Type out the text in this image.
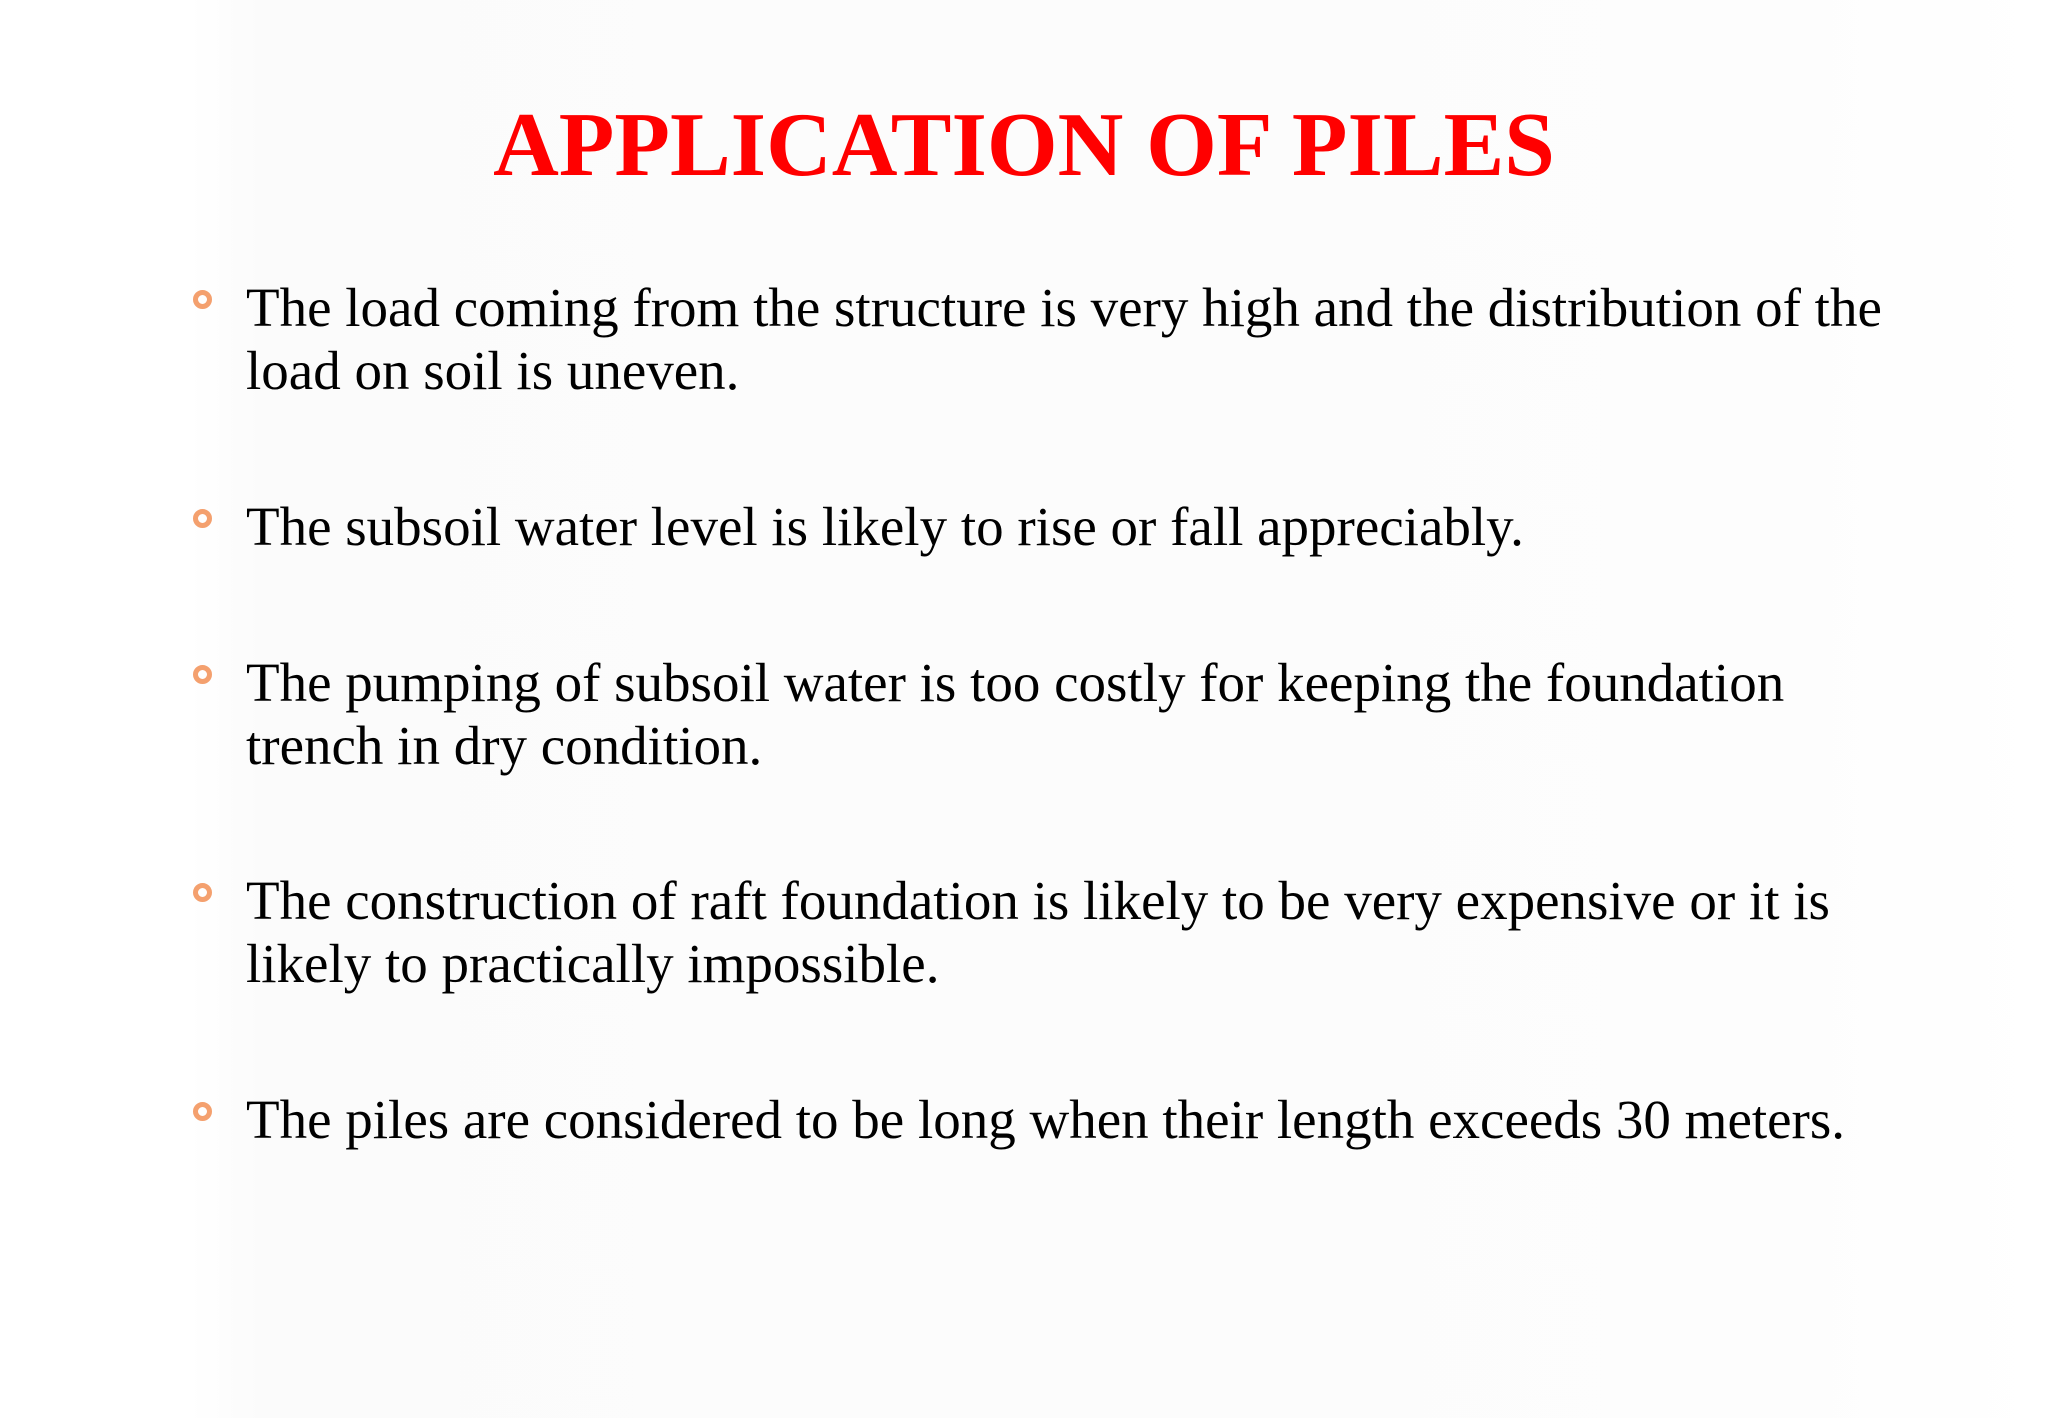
APPLICATION OF PILES

The load coming from the structure is very high and the distribution of the load on soil is uneven.

The subsoil water level is likely to rise or fall appreciably.

The pumping of subsoil water is too costly for keeping the foundation trench in dry condition.

The construction of raft foundation is likely to be very expensive or it is likely to practically impossible.

The piles are considered to be long when their length exceeds 30 meters.
